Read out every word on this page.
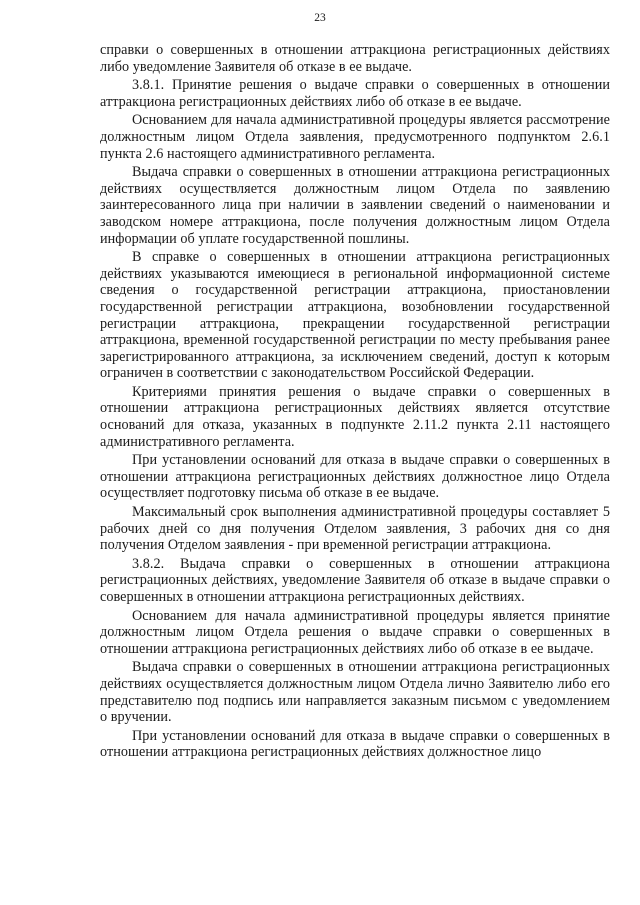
23

справки о совершенных в отношении аттракциона регистрационных действиях либо уведомление Заявителя об отказе в ее выдаче.

3.8.1. Принятие решения о выдаче справки о совершенных в отношении аттракциона регистрационных действиях либо об отказе в ее выдаче.

Основанием для начала административной процедуры является рассмотрение должностным лицом Отдела заявления, предусмотренного подпунктом 2.6.1 пункта 2.6 настоящего административного регламента.

Выдача справки о совершенных в отношении аттракциона регистрационных действиях осуществляется должностным лицом Отдела по заявлению заинтересованного лица при наличии в заявлении сведений о наименовании и заводском номере аттракциона, после получения должностным лицом Отдела информации об уплате государственной пошлины.

В справке о совершенных в отношении аттракциона регистрационных действиях указываются имеющиеся в региональной информационной системе сведения о государственной регистрации аттракциона, приостановлении государственной регистрации аттракциона, возобновлении государственной регистрации аттракциона, прекращении государственной регистрации аттракциона, временной государственной регистрации по месту пребывания ранее зарегистрированного аттракциона, за исключением сведений, доступ к которым ограничен в соответствии с законодательством Российской Федерации.

Критериями принятия решения о выдаче справки о совершенных в отношении аттракциона регистрационных действиях является отсутствие оснований для отказа, указанных в подпункте 2.11.2 пункта 2.11 настоящего административного регламента.

При установлении оснований для отказа в выдаче справки о совершенных в отношении аттракциона регистрационных действиях должностное лицо Отдела осуществляет подготовку письма об отказе в ее выдаче.

Максимальный срок выполнения административной процедуры составляет 5 рабочих дней со дня получения Отделом заявления, 3 рабочих дня со дня получения Отделом заявления - при временной регистрации аттракциона.

3.8.2. Выдача справки о совершенных в отношении аттракциона регистрационных действиях, уведомление Заявителя об отказе в выдаче справки о совершенных в отношении аттракциона регистрационных действиях.

Основанием для начала административной процедуры является принятие должностным лицом Отдела решения о выдаче справки о совершенных в отношении аттракциона регистрационных действиях либо об отказе в ее выдаче.

Выдача справки о совершенных в отношении аттракциона регистрационных действиях осуществляется должностным лицом Отдела лично Заявителю либо его представителю под подпись или направляется заказным письмом с уведомлением о вручении.

При установлении оснований для отказа в выдаче справки о совершенных в отношении аттракциона регистрационных действиях должностное лицо
